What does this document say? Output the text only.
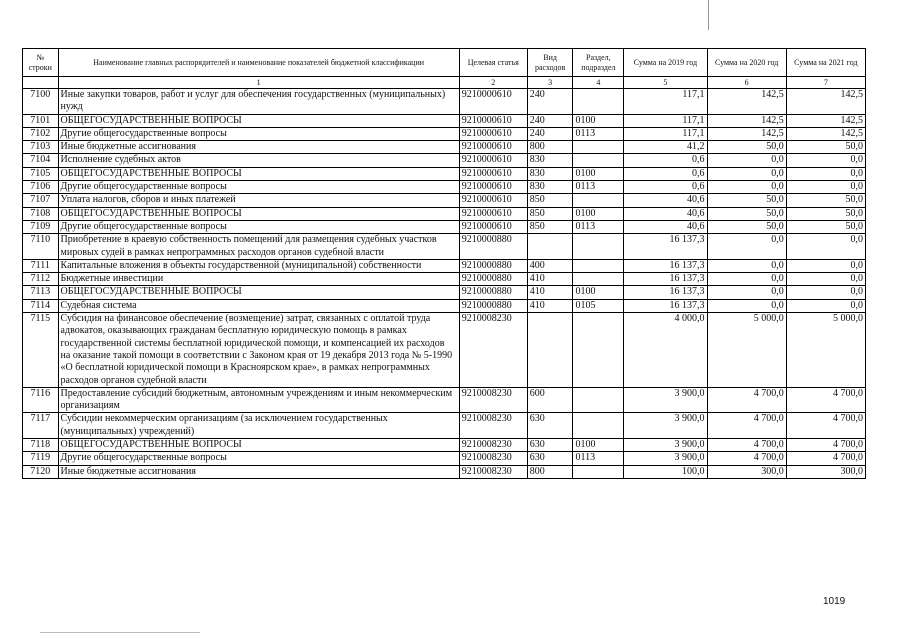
№ строки	Наименование главных распорядителей и наименование показателей бюджетной классификации	Целевая статья	Вид расходов	Раздел, подраздел	Сумма на 2019 год	Сумма на 2020 год	Сумма на 2021 год
	1	2	3	4	5	6	7
7100	Иные закупки товаров, работ и услуг для обеспечения государственных (муниципальных) нужд	9210000610	240		117,1	142,5	142,5
7101	ОБЩЕГОСУДАРСТВЕННЫЕ ВОПРОСЫ	9210000610	240	0100	117,1	142,5	142,5
7102	Другие общегосударственные вопросы	9210000610	240	0113	117,1	142,5	142,5
7103	Иные бюджетные ассигнования	9210000610	800		41,2	50,0	50,0
7104	Исполнение судебных актов	9210000610	830		0,6	0,0	0,0
7105	ОБЩЕГОСУДАРСТВЕННЫЕ ВОПРОСЫ	9210000610	830	0100	0,6	0,0	0,0
7106	Другие общегосударственные вопросы	9210000610	830	0113	0,6	0,0	0,0
7107	Уплата налогов, сборов и иных платежей	9210000610	850		40,6	50,0	50,0
7108	ОБЩЕГОСУДАРСТВЕННЫЕ ВОПРОСЫ	9210000610	850	0100	40,6	50,0	50,0
7109	Другие общегосударственные вопросы	9210000610	850	0113	40,6	50,0	50,0
7110	Приобретение в краевую собственность помещений для размещения судебных участков мировых судей в рамках непрограммных расходов органов судебной власти	9210000880			16 137,3	0,0	0,0
7111	Капитальные вложения в объекты государственной (муниципальной) собственности	9210000880	400		16 137,3	0,0	0,0
7112	Бюджетные инвестиции	9210000880	410		16 137,3	0,0	0,0
7113	ОБЩЕГОСУДАРСТВЕННЫЕ ВОПРОСЫ	9210000880	410	0100	16 137,3	0,0	0,0
7114	Судебная система	9210000880	410	0105	16 137,3	0,0	0,0
7115	Субсидия на финансовое обеспечение (возмещение) затрат, связанных с оплатой труда адвокатов, оказывающих гражданам бесплатную юридическую помощь в рамках государственной системы бесплатной юридической помощи, и компенсацией их расходов на оказание такой помощи в соответствии с Законом края от 19 декабря 2013 года № 5-1990 «О бесплатной юридической помощи в Красноярском крае», в рамках непрограммных расходов органов судебной власти	9210008230			4 000,0	5 000,0	5 000,0
7116	Предоставление субсидий бюджетным, автономным учреждениям и иным некоммерческим организациям	9210008230	600		3 900,0	4 700,0	4 700,0
7117	Субсидии некоммерческим организациям (за исключением государственных (муниципальных) учреждений)	9210008230	630		3 900,0	4 700,0	4 700,0
7118	ОБЩЕГОСУДАРСТВЕННЫЕ ВОПРОСЫ	9210008230	630	0100	3 900,0	4 700,0	4 700,0
7119	Другие общегосударственные вопросы	9210008230	630	0113	3 900,0	4 700,0	4 700,0
7120	Иные бюджетные ассигнования	9210008230	800		100,0	300,0	300,0
1019
